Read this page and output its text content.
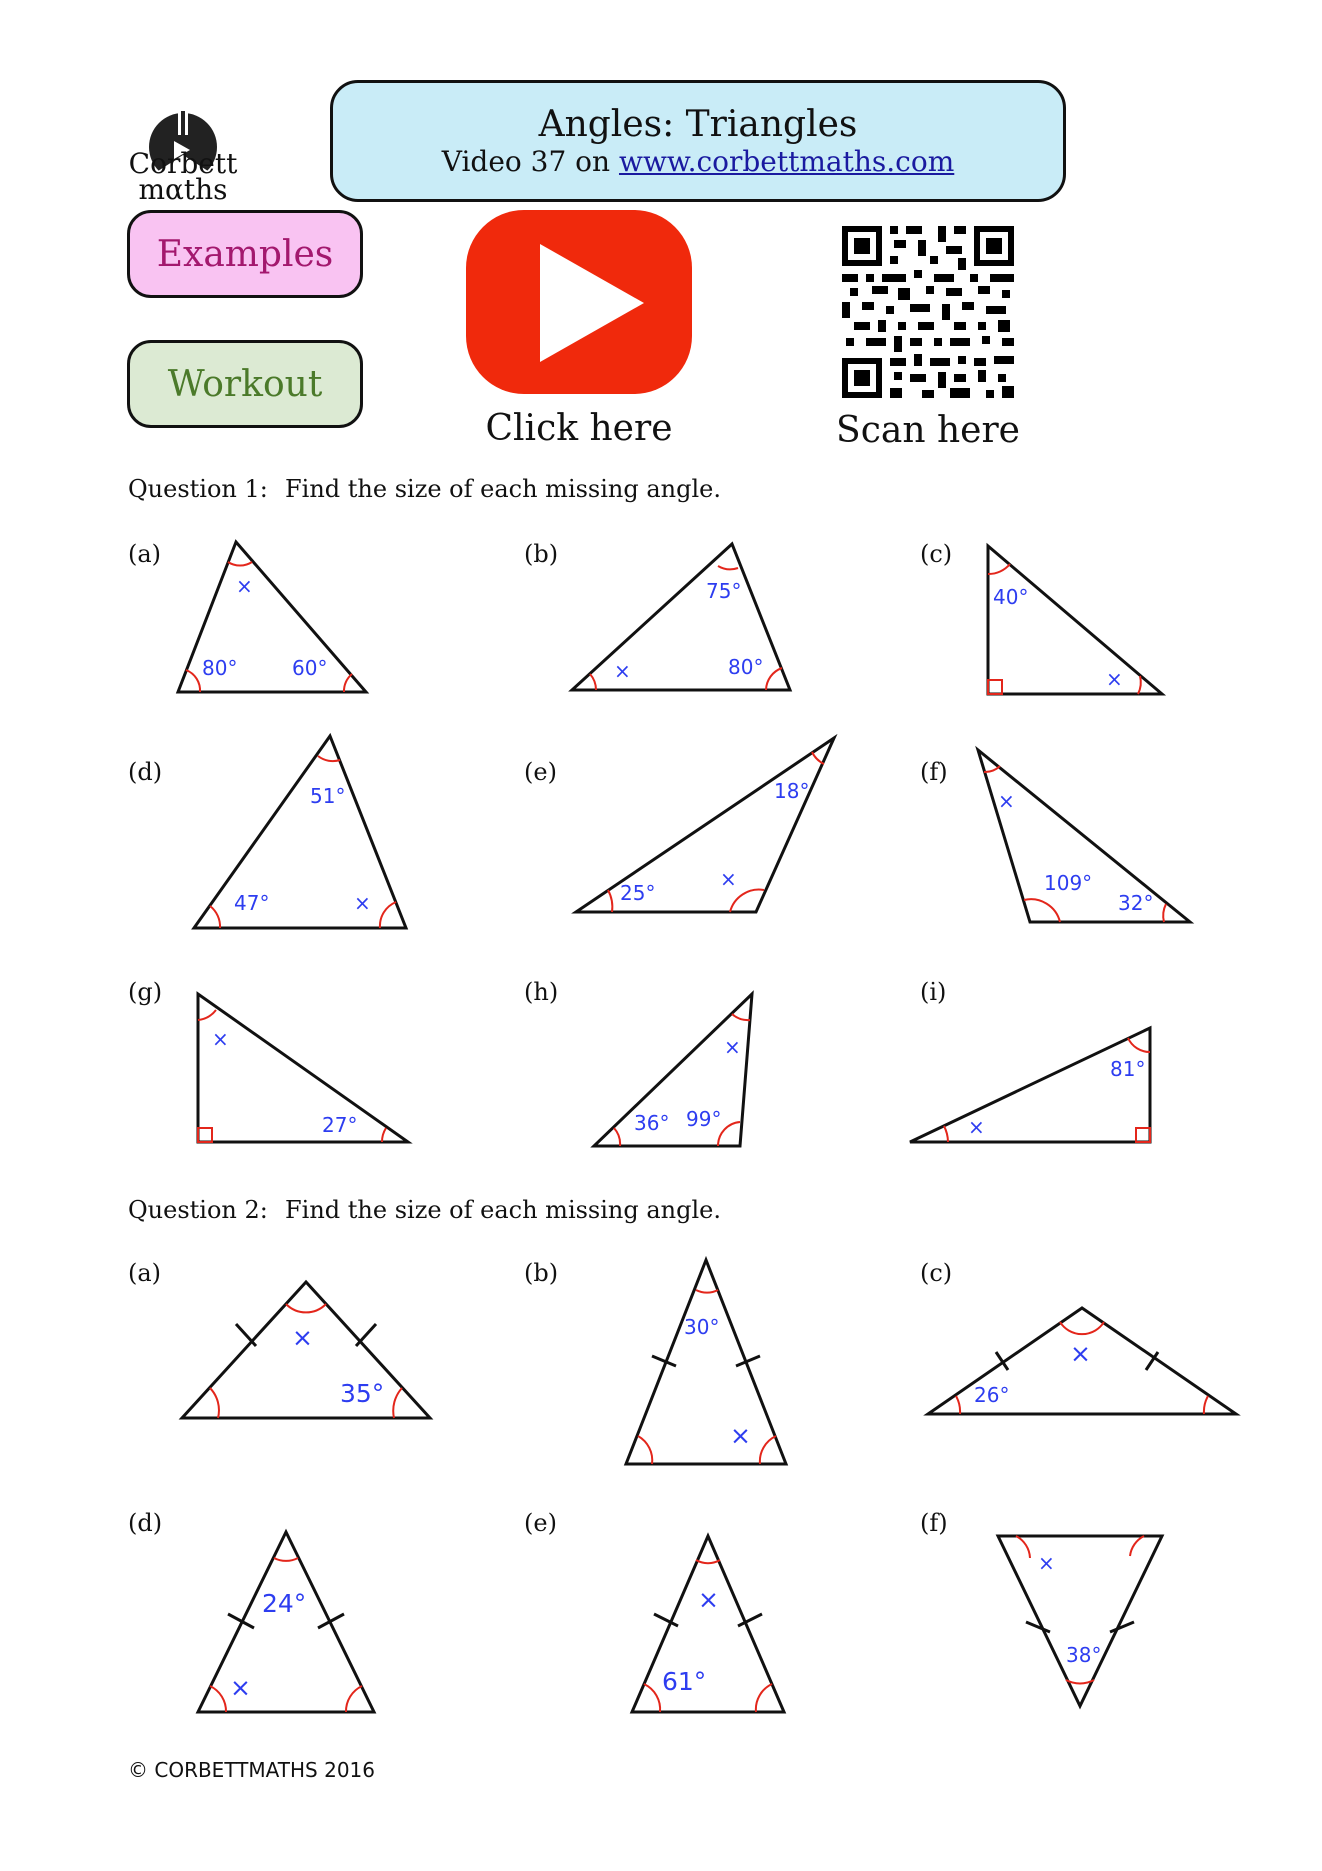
Corbett
mαths
Angles: Triangles
Video 37 on www.corbettmaths.com
Examples
Workout
Click here	Scan here
Question 1: Find the size of each missing angle.
Question 2: Find the size of each missing angle.
(a)	(b)	(c)
(d)	(e)	(f)
(g)	(h)	(i)
(a)	(b)	(c)
(d)	(e)	(f)
×
80°	60°
75°
×	80°
40°
×
51°
47°	×
18°
25°
×
×
109°
32°
×
27°
×
36° 99°
81°
×
×
35°
30°
×
×
26°
24°
×
×
61°
×
38°
© CORBETTMATHS 2016
